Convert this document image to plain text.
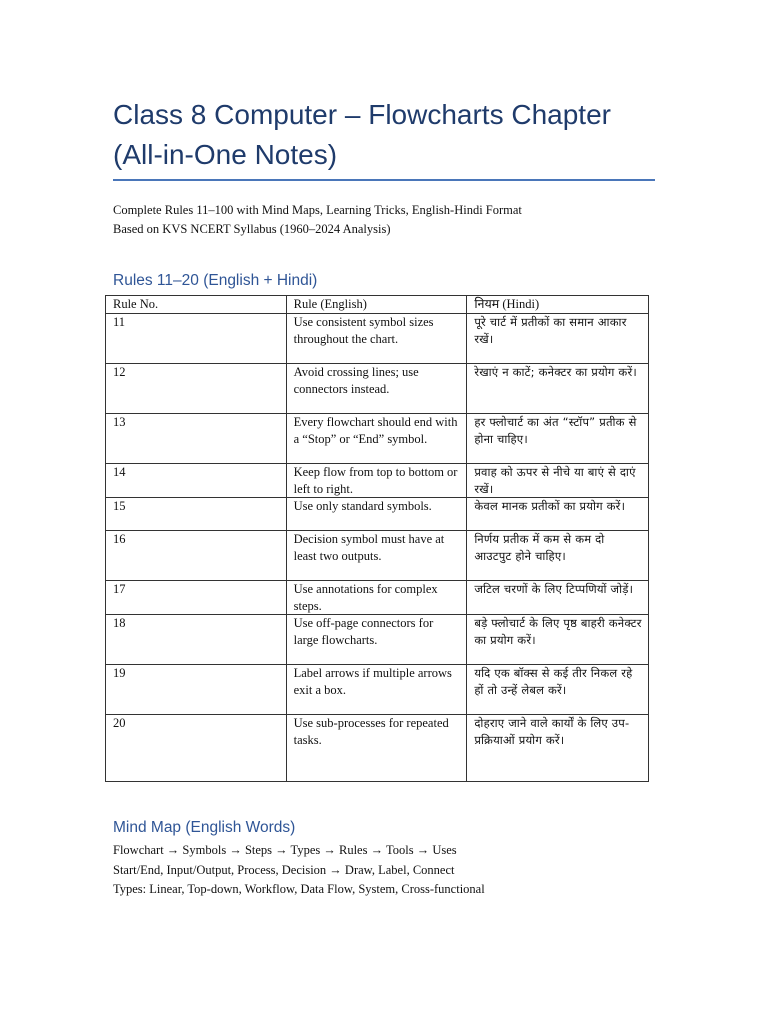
Class 8 Computer – Flowcharts Chapter
(All-in-One Notes)
Complete Rules 11–100 with Mind Maps, Learning Tricks, English-Hindi Format
Based on KVS NCERT Syllabus (1960–2024 Analysis)
Rules 11–20 (English + Hindi)
Rule No.	Rule (English)	नियम (Hindi)
11	Use consistent symbol sizes throughout the chart.	पूरे चार्ट में प्रतीकों का समान आकार रखें।
12	Avoid crossing lines; use connectors instead.	रेखाएं न काटें; कनेक्टर का प्रयोग करें।
13	Every flowchart should end with a “Stop” or “End” symbol.	हर फ्लोचार्ट का अंत “स्टॉप” प्रतीक से होना चाहिए।
14	Keep flow from top to bottom or left to right.	प्रवाह को ऊपर से नीचे या बाएं से दाएं रखें।
15	Use only standard symbols.	केवल मानक प्रतीकों का प्रयोग करें।
16	Decision symbol must have at least two outputs.	निर्णय प्रतीक में कम से कम दो आउटपुट होने चाहिए।
17	Use annotations for complex steps.	जटिल चरणों के लिए टिप्पणियों जोड़ें।
18	Use off-page connectors for large flowcharts.	बड़े फ्लोचार्ट के लिए पृष्ठ बाहरी कनेक्टर का प्रयोग करें।
19	Label arrows if multiple arrows exit a box.	यदि एक बॉक्स से कई तीर निकल रहे हों तो उन्हें लेबल करें।
20	Use sub-processes for repeated tasks.	दोहराए जाने वाले कार्यों के लिए उप-प्रक्रियाओं प्रयोग करें।
Mind Map (English Words)
Flowchart → Symbols → Steps → Types → Rules → Tools → Uses
Start/End, Input/Output, Process, Decision → Draw, Label, Connect
Types: Linear, Top-down, Workflow, Data Flow, System, Cross-functional
